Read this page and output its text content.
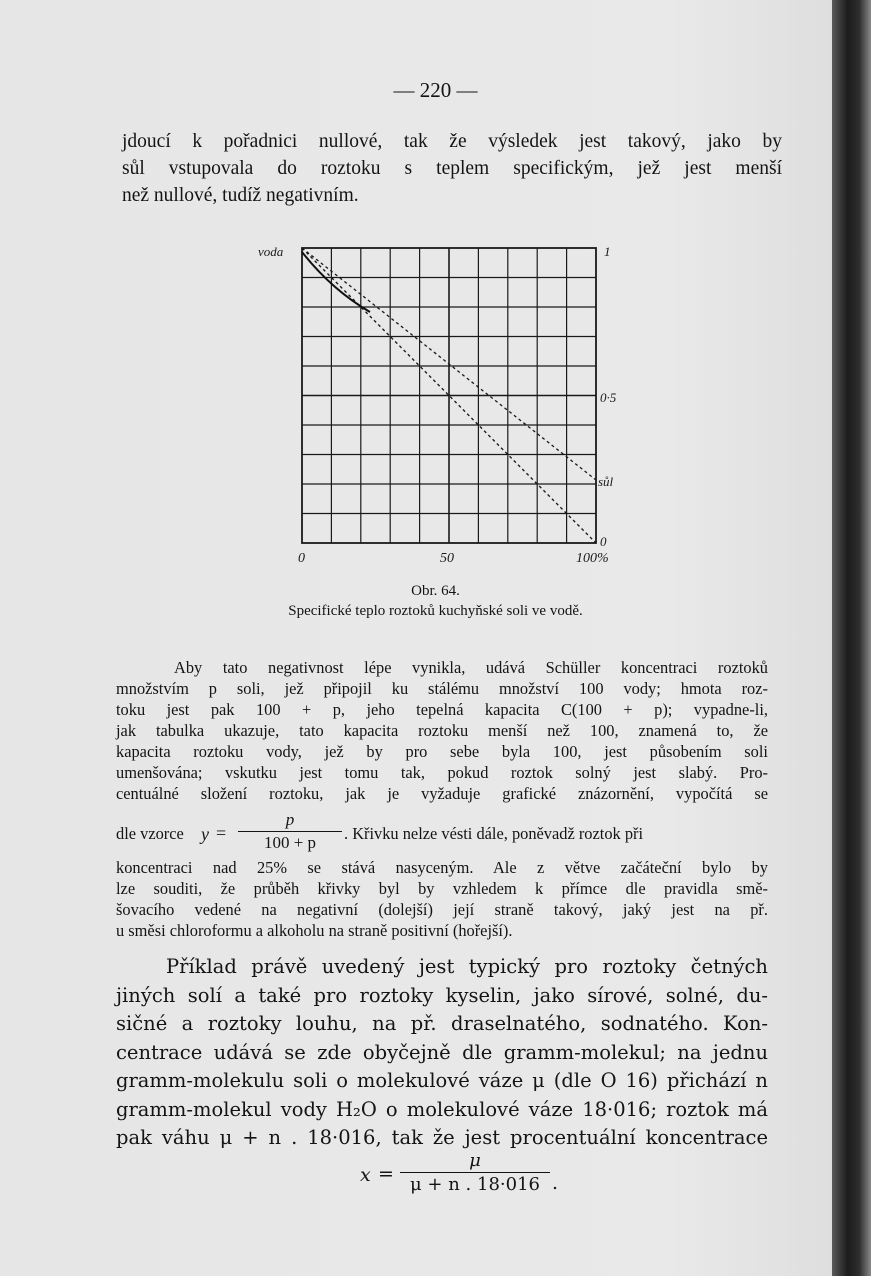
— 220 —
jdoucí k pořadnici nullové, tak že výsledek jest takový, jako by
sůl vstupovala do roztoku s teplem specifickým, jež jest menší
než nullové, tudíž negativním.
voda	1
0·5
sůl
0
0	50	100%
Obr. 64.
Specifické teplo roztoků kuchyňské soli ve vodě.
Aby tato negativnost lépe vynikla, udává Schüller koncentraci roztoků
množstvím p soli, jež připojil ku stálému množství 100 vody; hmota roz-
toku jest pak 100 + p, jeho tepelná kapacita C(100 + p); vypadne-li,
jak tabulka ukazuje, tato kapacita roztoku menší než 100, znamená to, že
kapacita roztoku vody, jež by pro sebe byla 100, jest působením soli
umenšována; vskutku jest tomu tak, pokud roztok solný jest slabý. Pro-
centuálné složení roztoku, jak je vyžaduje grafické znázornění, vypočítá se
dle vzorce $y = \frac{p}{100 + p}$ . Křivku nelze vésti dále, poněvadž roztok při
koncentraci nad 25% se stává nasyceným. Ale z větve začáteční bylo by
lze souditi, že průběh křivky byl by vzhledem k přímce dle pravidla smě-
šovacího vedené na negativní (dolejší) její straně takový, jaký jest na př.
u směsi chloroformu a alkoholu na straně positivní (hořejší).
Příklad právě uvedený jest typický pro roztoky četných
jiných solí a také pro roztoky kyselin, jako sírové, solné, du-
sičné a roztoky louhu, na př. draselnatého, sodnatého. Kon-
centrace udává se zde obyčejně dle gramm-molekul; na jednu
gramm-molekulu soli o molekulové váze μ (dle O 16) přichází n
gramm-molekul vody H₂O o molekulové váze 18·016; roztok má
pak váhu μ + n . 18·016, tak že jest procentuální koncentrace
$x = \frac{\mu}{\mu + n . 18\cdot 016}$ .
